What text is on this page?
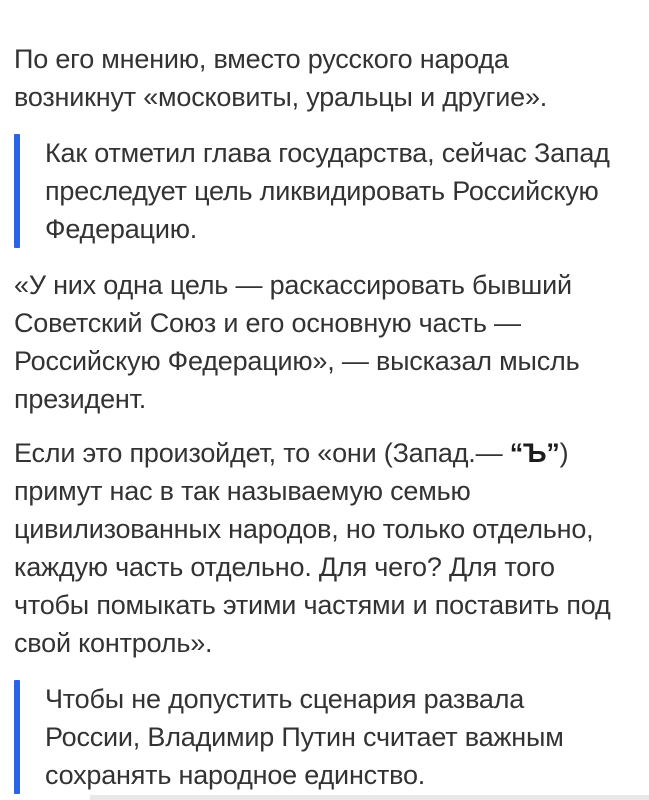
По его мнению, вместо русского народа
возникнут «московиты, уральцы и другие».

Как отметил глава государства, сейчас Запад
преследует цель ликвидировать Российскую
Федерацию.

«У них одна цель — раскассировать бывший
Советский Союз и его основную часть —
Российскую Федерацию», — высказал мысль
президент.

Если это произойдет, то «они (Запад.— “Ъ”)
примут нас в так называемую семью
цивилизованных народов, но только отдельно,
каждую часть отдельно. Для чего? Для того
чтобы помыкать этими частями и поставить под
свой контроль».

Чтобы не допустить сценария развала
России, Владимир Путин считает важным
сохранять народное единство.
